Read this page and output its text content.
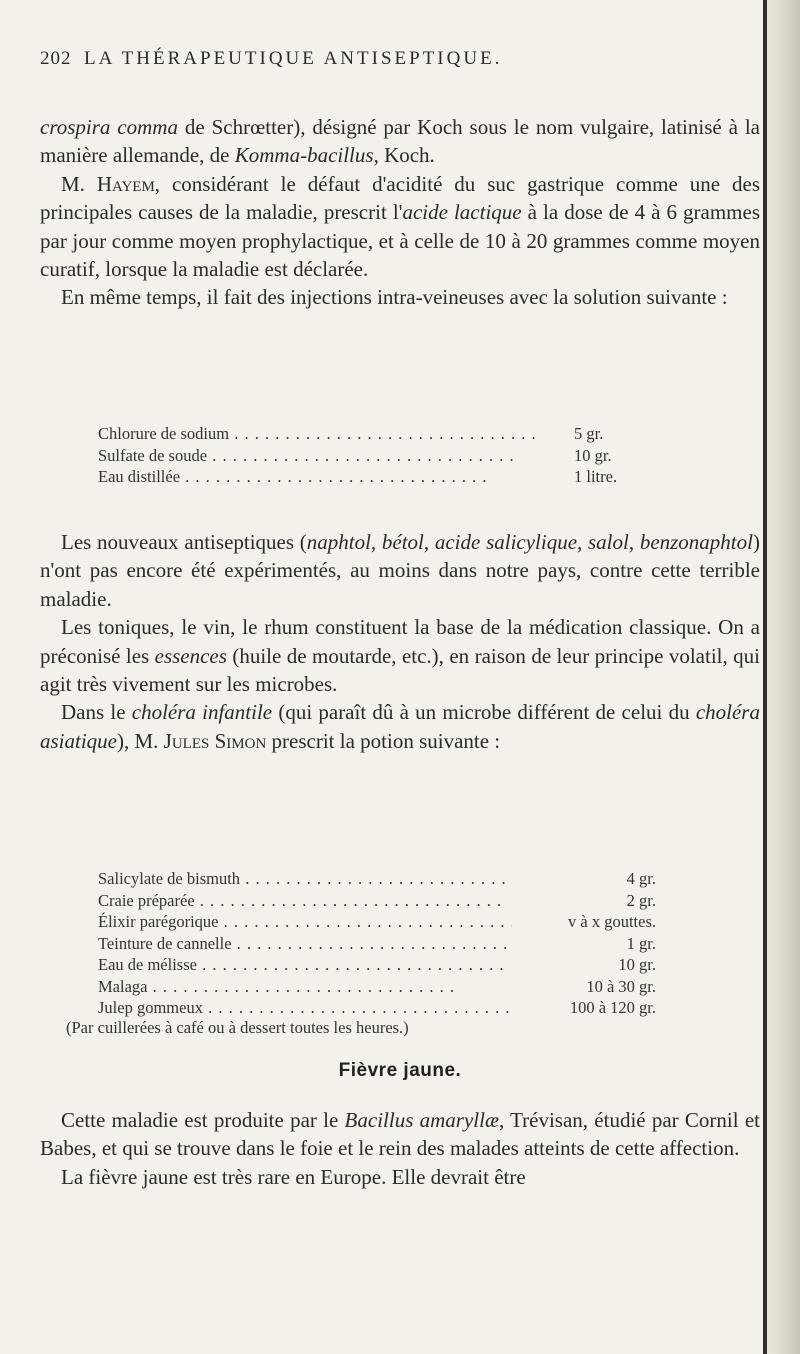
202 LA THÉRAPEUTIQUE ANTISEPTIQUE.
crospira comma de Schrœtter), désigné par Koch sous le nom vulgaire, latinisé à la manière allemande, de Komma-bacillus, Koch.
M. Hayem, considérant le défaut d'acidité du suc gastrique comme une des principales causes de la maladie, prescrit l'acide lactique à la dose de 4 à 6 grammes par jour comme moyen prophylactique, et à celle de 10 à 20 grammes comme moyen curatif, lorsque la maladie est déclarée.
En même temps, il fait des injections intra-veineuses avec la solution suivante :
Chlorure de sodium . . .	5 gr.
Sulfate de soude . . .	10 gr.
Eau distillée . . .	1 litre.
Les nouveaux antiseptiques (naphtol, bétol, acide salicylique, salol, benzonaphtol) n'ont pas encore été expérimentés, au moins dans notre pays, contre cette terrible maladie.
Les toniques, le vin, le rhum constituent la base de la médication classique. On a préconisé les essences (huile de moutarde, etc.), en raison de leur principe volatil, qui agit très vivement sur les microbes.
Dans le choléra infantile (qui paraît dû à un microbe différent de celui du choléra asiatique), M. Jules Simon prescrit la potion suivante :
Salicylate de bismuth . . .	4 gr.
Craie préparée . . .	2 gr.
Élixir parégorique . . .	v à x gouttes.
Teinture de cannelle . . .	1 gr.
Eau de mélisse . . .	10 gr.
Malaga . . .	10 à 30 gr.
Julep gommeux . . .	100 à 120 gr.
(Par cuillerées à café ou à dessert toutes les heures.)
Fièvre jaune.
Cette maladie est produite par le Bacillus amaryllæ, Trévisan, étudié par Cornil et Babes, et qui se trouve dans le foie et le rein des malades atteints de cette affection.
La fièvre jaune est très rare en Europe. Elle devrait être
